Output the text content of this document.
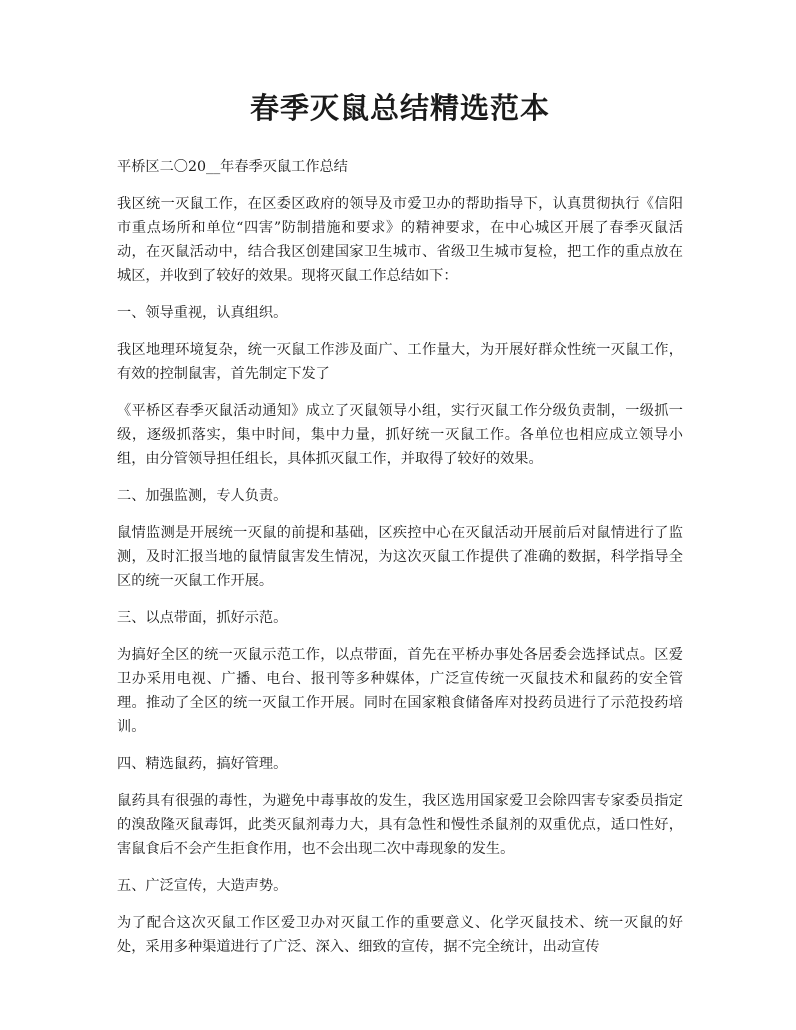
春季灭鼠总结精选范本

平桥区二〇20__年春季灭鼠工作总结

我区统一灭鼠工作，在区委区政府的领导及市爱卫办的帮助指导下，认真贯彻执行《信阳市重点场所和单位“四害”防制措施和要求》的精神要求，在中心城区开展了春季灭鼠活动，在灭鼠活动中，结合我区创建国家卫生城市、省级卫生城市复检，把工作的重点放在城区，并收到了较好的效果。现将灭鼠工作总结如下：

一、领导重视，认真组织。

我区地理环境复杂，统一灭鼠工作涉及面广、工作量大，为开展好群众性统一灭鼠工作，有效的控制鼠害，首先制定下发了

《平桥区春季灭鼠活动通知》成立了灭鼠领导小组，实行灭鼠工作分级负责制，一级抓一级，逐级抓落实，集中时间，集中力量，抓好统一灭鼠工作。各单位也相应成立领导小组，由分管领导担任组长，具体抓灭鼠工作，并取得了较好的效果。

二、加强监测，专人负责。

鼠情监测是开展统一灭鼠的前提和基础，区疾控中心在灭鼠活动开展前后对鼠情进行了监测，及时汇报当地的鼠情鼠害发生情况，为这次灭鼠工作提供了准确的数据，科学指导全区的统一灭鼠工作开展。

三、以点带面，抓好示范。

为搞好全区的统一灭鼠示范工作，以点带面，首先在平桥办事处各居委会选择试点。区爱卫办采用电视、广播、电台、报刊等多种媒体，广泛宣传统一灭鼠技术和鼠药的安全管理。推动了全区的统一灭鼠工作开展。同时在国家粮食储备库对投药员进行了示范投药培训。

四、精选鼠药，搞好管理。

鼠药具有很强的毒性，为避免中毒事故的发生，我区选用国家爱卫会除四害专家委员指定的溴敌隆灭鼠毒饵，此类灭鼠剂毒力大，具有急性和慢性杀鼠剂的双重优点，适口性好，害鼠食后不会产生拒食作用，也不会出现二次中毒现象的发生。

五、广泛宣传，大造声势。

为了配合这次灭鼠工作区爱卫办对灭鼠工作的重要意义、化学灭鼠技术、统一灭鼠的好处，采用多种渠道进行了广泛、深入、细致的宣传，据不完全统计，出动宣传
